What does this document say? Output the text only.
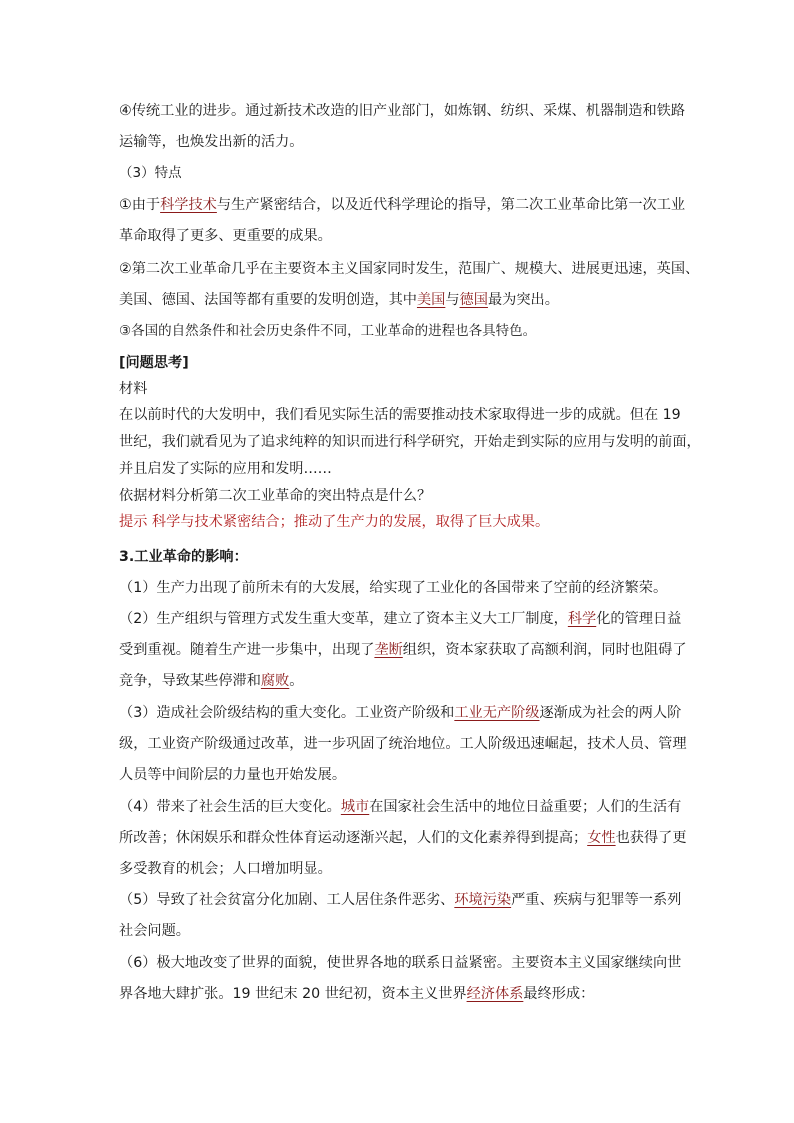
④传统工业的进步。通过新技术改造的旧产业部门，如炼钢、纺织、采煤、机器制造和铁路

运输等，也焕发出新的活力。

（3）特点

①由于科学技术与生产紧密结合，以及近代科学理论的指导，第二次工业革命比第一次工业

革命取得了更多、更重要的成果。

②第二次工业革命几乎在主要资本主义国家同时发生，范围广、规模大、进展更迅速，英国、

美国、德国、法国等都有重要的发明创造，其中美国与德国最为突出。

③各国的自然条件和社会历史条件不同，工业革命的进程也各具特色。

[问题思考]

材料

在以前时代的大发明中，我们看见实际生活的需要推动技术家取得进一步的成就。但在 19

世纪，我们就看见为了追求纯粹的知识而进行科学研究，开始走到实际的应用与发明的前面，

并且启发了实际的应用和发明……

依据材料分析第二次工业革命的突出特点是什么？

提示 科学与技术紧密结合；推动了生产力的发展，取得了巨大成果。

3.工业革命的影响：

（1）生产力出现了前所未有的大发展，给实现了工业化的各国带来了空前的经济繁荣。

（2）生产组织与管理方式发生重大变革，建立了资本主义大工厂制度，科学化的管理日益

受到重视。随着生产进一步集中，出现了垄断组织，资本家获取了高额利润，同时也阻碍了

竞争，导致某些停滞和腐败。

（3）造成社会阶级结构的重大变化。工业资产阶级和工业无产阶级逐渐成为社会的两人阶

级，工业资产阶级通过改革，进一步巩固了统治地位。工人阶级迅速崛起，技术人员、管理

人员等中间阶层的力量也开始发展。

（4）带来了社会生活的巨大变化。城市在国家社会生活中的地位日益重要；人们的生活有

所改善；休闲娱乐和群众性体育运动逐渐兴起，人们的文化素养得到提高；女性也获得了更

多受教育的机会；人口增加明显。

（5）导致了社会贫富分化加剧、工人居住条件恶劣、环境污染严重、疾病与犯罪等一系列

社会问题。

（6）极大地改变了世界的面貌，使世界各地的联系日益紧密。主要资本主义国家继续向世

界各地大肆扩张。19 世纪末 20 世纪初，资本主义世界经济体系最终形成：
